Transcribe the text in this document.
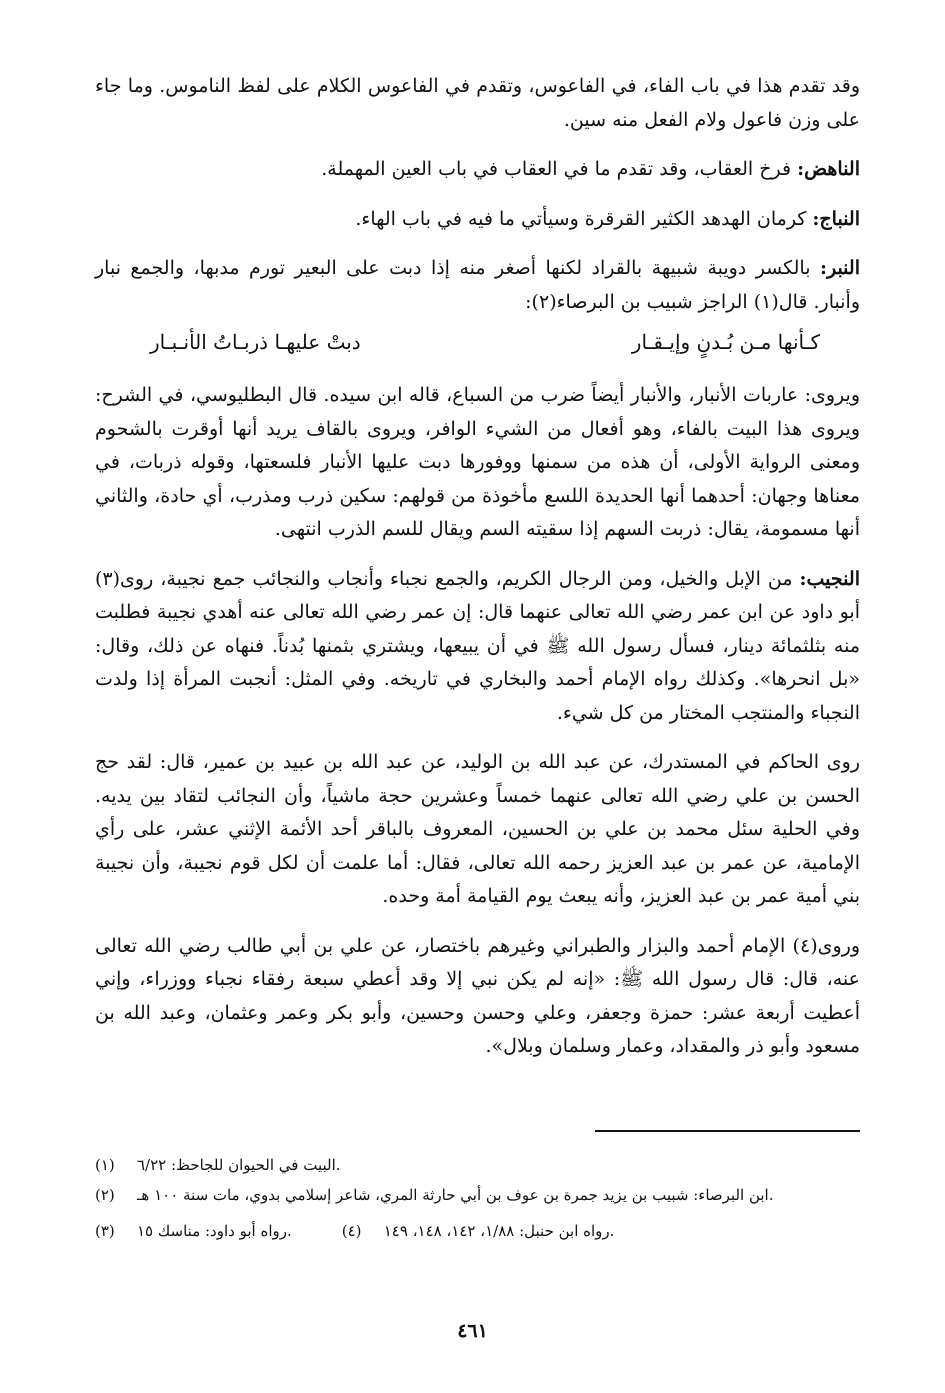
وقد تقدم هذا في باب الفاء، في الفاعوس، وتقدم في الفاعوس الكلام على لفظ الناموس. وما جاء على وزن فاعول ولام الفعل منه سين.

الناهض: فرخ العقاب، وقد تقدم ما في العقاب في باب العين المهملة.

النباج: كرمان الهدهد الكثير القرقرة وسيأتي ما فيه في باب الهاء.

النبر: بالكسر دويبة شبيهة بالقراد لكنها أصغر منه إذا دبت على البعير تورم مدبها، والجمع نبار وأنبار. قال(١) الراجز شبيب بن البرصاء(٢):

كـأنها مـن بُـدنٍ وإيـقـار
دبتْ عليهـا ذربـاتُ الأنـبـار

ويروى: عاربات الأنبار، والأنبار أيضاً ضرب من السباع، قاله ابن سيده. قال البطليوسي، في الشرح: ويروى هذا البيت بالفاء، وهو أفعال من الشيء الوافر، ويروى بالقاف يريد أنها أوقرت بالشحوم ومعنى الرواية الأولى، أن هذه من سمنها ووفورها دبت عليها الأنبار فلسعتها، وقوله ذربات، في معناها وجهان: أحدهما أنها الحديدة اللسع مأخوذة من قولهم: سكين ذرب ومذرب، أي حادة، والثاني أنها مسمومة، يقال: ذربت السهم إذا سقيته السم ويقال للسم الذرب انتهى.

النجيب: من الإبل والخيل، ومن الرجال الكريم، والجمع نجباء وأنجاب والنجائب جمع نجيبة، روى(٣) أبو داود عن ابن عمر رضي الله تعالى عنهما قال: إن عمر رضي الله تعالى عنه أهدي نجيبة فطلبت منه بثلثمائة دينار، فسأل رسول الله ﷺ في أن يبيعها، ويشتري بثمنها بُدناً. فنهاه عن ذلك، وقال: «بل انحرها». وكذلك رواه الإمام أحمد والبخاري في تاريخه. وفي المثل: أنجبت المرأة إذا ولدت النجباء والمنتجب المختار من كل شيء.

روى الحاكم في المستدرك، عن عبد الله بن الوليد، عن عبد الله بن عبيد بن عمير، قال: لقد حج الحسن بن علي رضي الله تعالى عنهما خمساً وعشرين حجة ماشياً، وأن النجائب لتقاد بين يديه. وفي الحلية سئل محمد بن علي بن الحسين، المعروف بالباقر أحد الأئمة الإثني عشر، على رأي الإمامية، عن عمر بن عبد العزيز رحمه الله تعالى، فقال: أما علمت أن لكل قوم نجيبة، وأن نجيبة بني أمية عمر بن عبد العزيز، وأنه يبعث يوم القيامة أمة وحده.

وروى(٤) الإمام أحمد والبزار والطبراني وغيرهم باختصار، عن علي بن أبي طالب رضي الله تعالى عنه، قال: قال رسول الله ﷺ: «إنه لم يكن نبي إلا وقد أعطي سبعة رفقاء نجباء ووزراء، وإني أعطيت أربعة عشر: حمزة وجعفر، وعلي وحسن وحسين، وأبو بكر وعمر وعثمان، وعبد الله بن مسعود وأبو ذر والمقداد، وعمار وسلمان وبلال».

(١)	البيت في الحيوان للجاحظ: ٦/٢٢.
(٢)	ابن البرصاء: شبيب بن يزيد جمرة بن عوف بن أبي حارثة المري، شاعر إسلامي بدوي، مات سنة ١٠٠ هـ.
(٣)	رواه أبو داود: مناسك ١٥.	(٤)	رواه ابن حنبل: ١/٨٨، ١٤٢، ١٤٨، ١٤٩.
٤٦١
